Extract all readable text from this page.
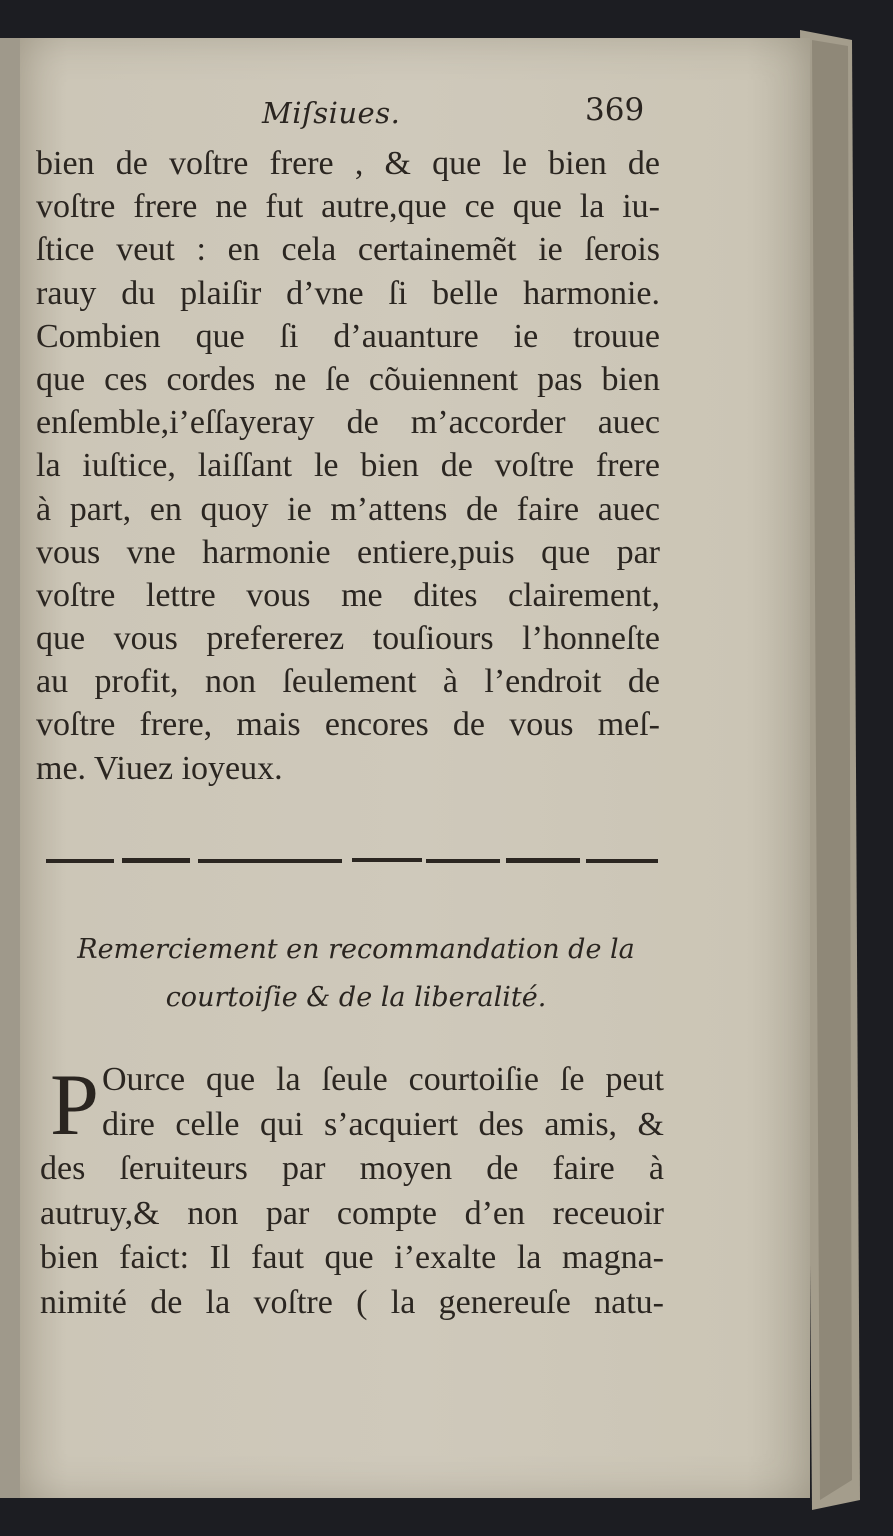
Miſsiues.	369
bien de voſtre frere , & que le bien de
voſtre frere ne fut autre,que ce que la iu-
ſtice veut : en cela certainemẽt ie ſerois
rauy du plaiſir d’vne ſi belle harmonie.
Combien que ſi d’auanture ie trouue
que ces cordes ne ſe cõuiennent pas bien
enſemble,i’eſſayeray de m’accorder auec
la iuſtice, laiſſant le bien de voſtre frere
à part, en quoy ie m’attens de faire auec
vous vne harmonie entiere,puis que par
voſtre lettre vous me dites clairement,
que vous prefererez touſiours l’honneſte
au profit, non ſeulement à l’endroit de
voſtre frere, mais encores de vous meſ-
me. Viuez ioyeux.
Remerciement en recommandation de la
courtoiſie & de la liberalité.
P Ource que la ſeule courtoiſie ſe peut
dire celle qui s’acquiert des amis, &
des ſeruiteurs par moyen de faire à
autruy,& non par compte d’en receuoir
bien faict: Il faut que i’exalte la magna-
nimité de la voſtre ( la genereuſe natu-
